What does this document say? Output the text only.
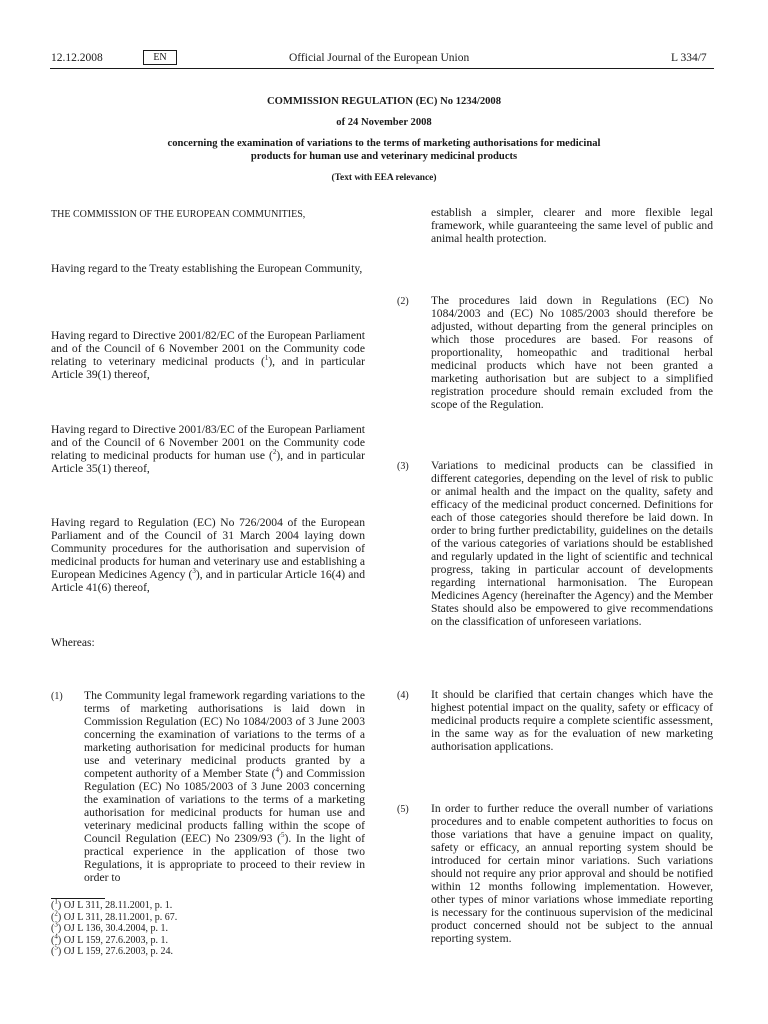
12.12.2008	EN	Official Journal of the European Union	L 334/7
COMMISSION REGULATION (EC) No 1234/2008
of 24 November 2008
concerning the examination of variations to the terms of marketing authorisations for medicinal
products for human use and veterinary medicinal products
(Text with EEA relevance)
THE COMMISSION OF THE EUROPEAN COMMUNITIES,
Having regard to the Treaty establishing the European Community,
Having regard to Directive 2001/82/EC of the European Parliament and of the Council of 6 November 2001 on the Community code relating to veterinary medicinal products ($^1$), and in particular Article 39(1) thereof,
Having regard to Directive 2001/83/EC of the European Parliament and of the Council of 6 November 2001 on the Community code relating to medicinal products for human use ($^2$), and in particular Article 35(1) thereof,
Having regard to Regulation (EC) No 726/2004 of the European Parliament and of the Council of 31 March 2004 laying down Community procedures for the authorisation and supervision of medicinal products for human and veterinary use and establishing a European Medicines Agency ($^3$), and in particular Article 16(4) and Article 41(6) thereof,
Whereas:
(1) The Community legal framework regarding variations to the terms of marketing authorisations is laid down in Commission Regulation (EC) No 1084/2003 of 3 June 2003 concerning the examination of variations to the terms of a marketing authorisation for medicinal products for human use and veterinary medicinal products granted by a competent authority of a Member State ($^4$) and Commission Regulation (EC) No 1085/2003 of 3 June 2003 concerning the examination of variations to the terms of a marketing authorisation for medicinal products for human use and veterinary medicinal products falling within the scope of Council Regulation (EEC) No 2309/93 ($^5$). In the light of practical experience in the application of those two Regulations, it is appropriate to proceed to their review in order to
($^1$) OJ L 311, 28.11.2001, p. 1.
($^2$) OJ L 311, 28.11.2001, p. 67.
($^3$) OJ L 136, 30.4.2004, p. 1.
($^4$) OJ L 159, 27.6.2003, p. 1.
($^5$) OJ L 159, 27.6.2003, p. 24.
establish a simpler, clearer and more flexible legal framework, while guaranteeing the same level of public and animal health protection.
(2) The procedures laid down in Regulations (EC) No 1084/2003 and (EC) No 1085/2003 should therefore be adjusted, without departing from the general principles on which those procedures are based. For reasons of proportionality, homeopathic and traditional herbal medicinal products which have not been granted a marketing authorisation but are subject to a simplified registration procedure should remain excluded from the scope of the Regulation.
(3) Variations to medicinal products can be classified in different categories, depending on the level of risk to public or animal health and the impact on the quality, safety and efficacy of the medicinal product concerned. Definitions for each of those categories should therefore be laid down. In order to bring further predictability, guidelines on the details of the various categories of variations should be established and regularly updated in the light of scientific and technical progress, taking in particular account of developments regarding international harmonisation. The European Medicines Agency (hereinafter the Agency) and the Member States should also be empowered to give recommendations on the classification of unforeseen variations.
(4) It should be clarified that certain changes which have the highest potential impact on the quality, safety or efficacy of medicinal products require a complete scientific assessment, in the same way as for the evaluation of new marketing authorisation applications.
(5) In order to further reduce the overall number of variations procedures and to enable competent authorities to focus on those variations that have a genuine impact on quality, safety or efficacy, an annual reporting system should be introduced for certain minor variations. Such variations should not require any prior approval and should be notified within 12 months following implementation. However, other types of minor variations whose immediate reporting is necessary for the continuous supervision of the medicinal product concerned should not be subject to the annual reporting system.
